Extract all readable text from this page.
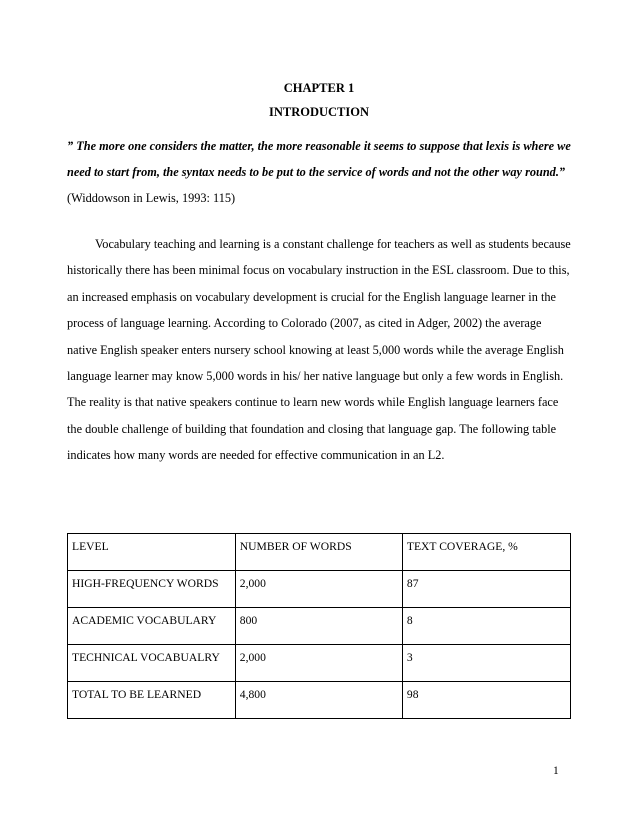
CHAPTER 1
INTRODUCTION

” The more one considers the matter, the more reasonable it seems to suppose that lexis is where we need to start from, the syntax needs to be put to the service of words and not the other way round.” (Widdowson in Lewis, 1993: 115)

Vocabulary teaching and learning is a constant challenge for teachers as well as students because historically there has been minimal focus on vocabulary instruction in the ESL classroom. Due to this, an increased emphasis on vocabulary development is crucial for the English language learner in the process of language learning. According to Colorado (2007, as cited in Adger, 2002) the average native English speaker enters nursery school knowing at least 5,000 words while the average English language learner may know 5,000 words in his/ her native language but only a few words in English. The reality is that native speakers continue to learn new words while English language learners face the double challenge of building that foundation and closing that language gap. The following table indicates how many words are needed for effective communication in an L2.

LEVEL	NUMBER OF WORDS	TEXT COVERAGE, %
HIGH-FREQUENCY WORDS	2,000	87
ACADEMIC VOCABULARY	800	8
TECHNICAL VOCABUALRY	2,000	3
TOTAL TO BE LEARNED	4,800	98
1
